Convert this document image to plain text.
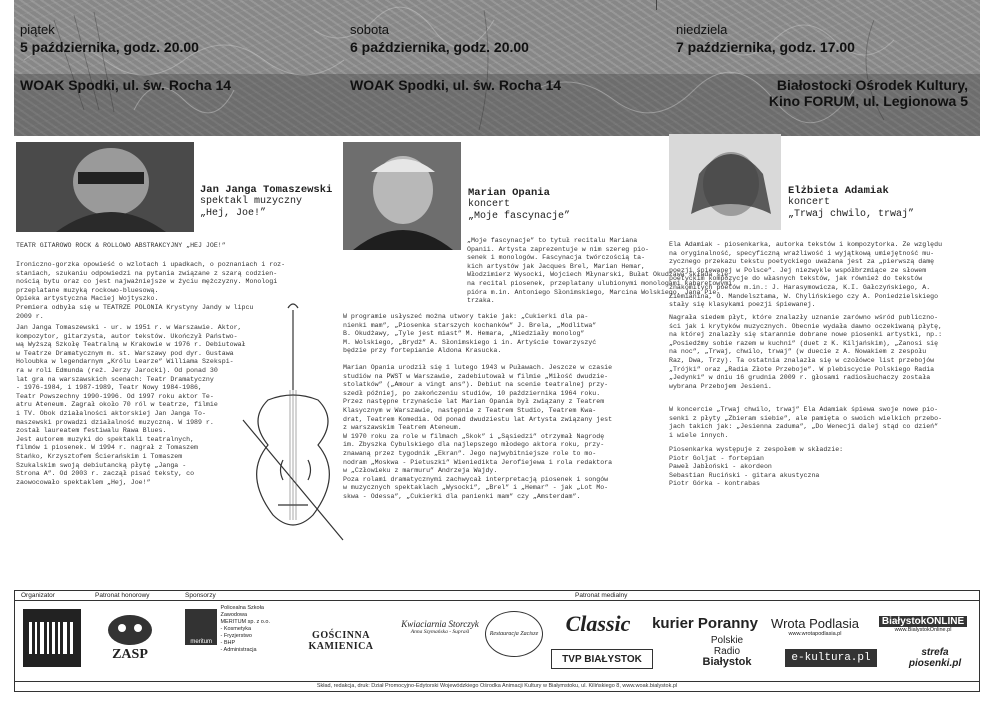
piątek
5 października, godz. 20.00
WOAK Spodki, ul. św. Rocha 14
sobota
6 października, godz. 20.00
WOAK Spodki, ul. św. Rocha 14
niedziela
7 października, godz. 17.00
Białostocki Ośrodek Kultury,
Kino FORUM, ul. Legionowa 5
Jan Janga Tomaszewski
spektakl muzyczny
„Hej, Joe!”
Marian Opania
koncert
„Moje fascynacje”
Elżbieta Adamiak
koncert
„Trwaj chwilo, trwaj”
TEATR GITAROWO ROCK & ROLLOWO ABSTRAKCYJNY „HEJ JOE!”
Ironiczno-gorzka opowieść o wzlotach i upadkach, o poznaniach i roz-
staniach, szukaniu odpowiedzi na pytania związane z szarą codzien-
nością bytu oraz co jest najważniejsze w życiu mężczyzny. Monologi
przeplatane muzyką rockowo-bluesową.
Opieka artystyczna Maciej Wojtyszko.
Premiera odbyła się w TEATRZE POLONIA Krystyny Jandy w lipcu
2009 r.
Jan Janga Tomaszewski - ur. w 1951 r. w Warszawie. Aktor,
kompozytor, gitarzysta, autor tekstów. Ukończył Państwo-
wą Wyższą Szkołę Teatralną w Krakowie w 1976 r. Debiutował
w Teatrze Dramatycznym m. st. Warszawy pod dyr. Gustawa
Holoubka w legendarnym „Królu Learze” Williama Szekspi-
ra w roli Edmunda (reż. Jerzy Jarocki). Od ponad 30
lat gra na warszawskich scenach: Teatr Dramatyczny
- 1976-1984, i 1987-1989, Teatr Nowy 1984-1986,
Teatr Powszechny 1990-1996. Od 1997 roku aktor Te-
atru Ateneum. Zagrał około 70 ról w teatrze, filmie
i TV. Obok działalności aktorskiej Jan Janga To-
maszewski prowadzi działalność muzyczną. W 1989 r.
został laureatem festiwalu Rawa Blues.
Jest autorem muzyki do spektakli teatralnych,
filmów i piosenek. W 1994 r. nagrał z Tomaszem
Stańko, Krzysztofem Ścierańskim i Tomaszem
Szukalskim swoją debiutancką płytę „Janga -
Strona A”. Od 2003 r. zaczął pisać teksty, co
zaowocowało spektaklem „Hej, Joe!”
„Moje fascynacje” to tytuł recitalu Mariana
Opanii. Artysta zaprezentuje w nim szereg pio-
senek i monologów. Fascynacja twórczością ta-
kich artystów jak Jacques Brel, Marian Hemar,
Włodzimierz Wysocki, Wojciech Młynarski, Bułat Okudżawa składa się
na recital piosenek, przeplatany ulubionymi monologami kabaretowymi
pióra m.in. Antoniego Słonimskiego, Marcina Wolskiego, Jana Pie-
trzaka.
W programie usłyszeć można utwory takie jak: „Cukierki dla pa-
nienki mam”, „Piosenka starszych kochanków” J. Brela, „Modlitwa”
B. Okudżawy, „Tyle jest miast” M. Hemara, „Niedziały monolog”
M. Wolskiego, „Brydż” A. Słonimskiego i in. Artyście towarzyszyć
będzie przy fortepianie Aldona Krasucka.
Marian Opania urodził się 1 lutego 1943 w Puławach. Jeszcze w czasie
studiów na PWST w Warszawie, zadebiutował w filmie „Miłość dwudzie-
stolatków” („Amour a vingt ans”). Debiut na scenie teatralnej przy-
szedł później, po zakończeniu studiów, 10 października 1964 roku.
Przez następne trzynaście lat Marian Opania był związany z Teatrem
Klasycznym w Warszawie, następnie z Teatrem Studio, Teatrem Kwa-
drat, Teatrem Komedia. Od ponad dwudziestu lat Artysta związany jest
z warszawskim Teatrem Ateneum.
W 1970 roku za role w filmach „Skok” i „Sąsiedzi” otrzymał Nagrodę
im. Zbyszka Cybulskiego dla najlepszego młodego aktora roku, przy-
znawaną przez tygodnik „Ekran”. Jego najwybitniejsze role to mo-
nodram „Moskwa - Pietuszki” Wieniedikta Jerofiejewa i rola redaktora
w „Człowieku z marmuru” Andrzeja Wajdy.
Poza rolami dramatycznymi zachwycał interpretacją piosenek i songów
w muzycznych spektaklach „Wysocki”, „Brel” i „Hemar” - jak „Lot Mo-
skwa - Odessa”, „Cukierki dla panienki mam” czy „Amsterdam”.
Ela Adamiak - piosenkarka, autorka tekstów i kompozytorka. Ze względu
na oryginalność, specyficzną wrażliwość i wyjątkową umiejętność mu-
zycznego przekazu tekstu poetyckiego uważana jest za „pierwszą damę
poezji śpiewanej w Polsce”. Jej niezwykle współbrzmiące ze słowem
poetyckim kompozycje do własnych tekstów, jak również do tekstów
znakomitych poetów m.in.: J. Harasymowicza, K.I. Gałczyńskiego, A.
Ziemianina, O. Mandelsztama, W. Chylińskiego czy A. Poniedzielskiego
stały się klasykami poezji śpiewanej.
Nagrała siedem płyt, które znalazły uznanie zarówno wśród publiczno-
ści jak i krytyków muzycznych. Obecnie wydała dawno oczekiwaną płytę,
na której znalazły się starannie dobrane nowe piosenki artystki, np.:
„Posiedźmy sobie razem w kuchni” (duet z K. Kiljańskim), „Zanosi się
na noc”, „Trwaj, chwilo, trwaj” (w duecie z A. Nowakiem z zespołu
Raz, Dwa, Trzy). Ta ostatnia znalazła się w czołówce list przebojów
„Trójki” oraz „Radia Złote Przeboje”. W plebiscycie Polskiego Radia
„Jedynki” w dniu 16 grudnia 2009 r. głosami radiosłuchaczy została
wybrana Przebojem Jesieni.
W koncercie „Trwaj chwilo, trwaj” Ela Adamiak śpiewa swoje nowe pio-
senki z płyty „Zbieram siebie”, ale pamięta o swoich wielkich przebo-
jach takich jak: „Jesienna zaduma”, „Do Wenecji dalej stąd co dzień”
i wiele innych.
Piosenkarka występuje z zespołem w składzie:
Piotr Goljat - fortepian
Paweł Jabłoński - akordeon
Sebastian Ruciński - gitara akustyczna
Piotr Górka - kontrabas
Organizator	Patronat honorowy	Sponsorzy	Patronat medialny
ZASP
meritum
Policealna Szkoła Zawodowa
MERITUM sp. z o.o.
- Kosmetyka
- Fryzjerstwo
- BHP
- Administracja
GOŚCINNA KAMIENICA
Kwiaciarnia Storczyk
Anna Szymańska - Supraśl	Restauracja Zacisze	Classic	kurier Poranny	Wrota Podlasia
www.wrotapodlasia.pl
BiałystokONLINE
www.BialystokOnline.pl
TVP BIAŁYSTOK
Polskie
Radio
Białystok	e-kultura.pl	strefa piosenki.pl
Skład, redakcja, druk: Dział Promocyjno-Edytorski Wojewódzkiego Ośrodka Animacji Kultury w Białymstoku, ul. Kilińskiego 8, www.woak.bialystok.pl
